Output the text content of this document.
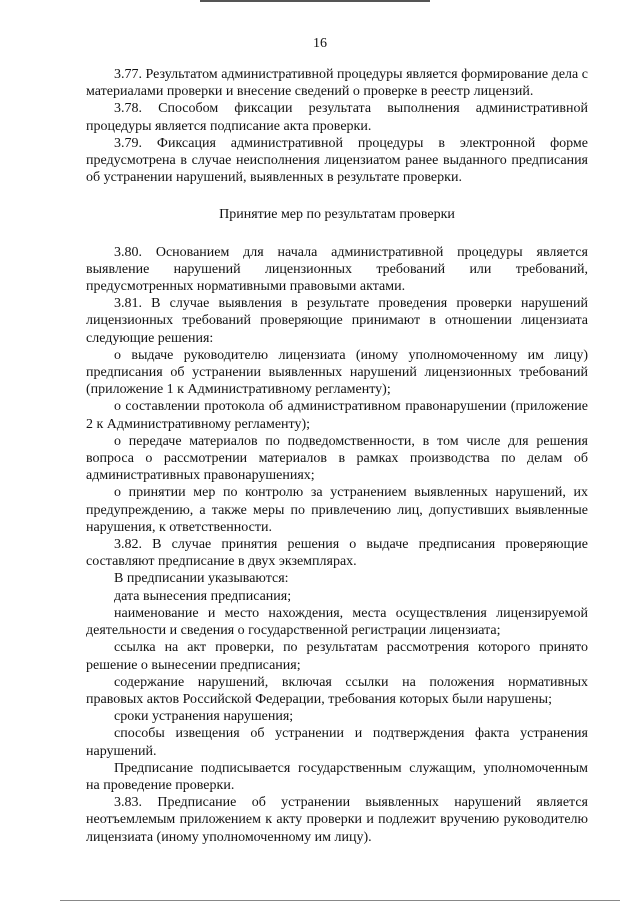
16

3.77. Результатом административной процедуры является формирование дела с материалами проверки и внесение сведений о проверке в реестр лицензий.

3.78. Способом фиксации результата выполнения административной процедуры является подписание акта проверки.

3.79. Фиксация административной процедуры в электронной форме предусмотрена в случае неисполнения лицензиатом ранее выданного предписания об устранении нарушений, выявленных в результате проверки.

Принятие мер по результатам проверки

3.80. Основанием для начала административной процедуры является выявление нарушений лицензионных требований или требований, предусмотренных нормативными правовыми актами.

3.81. В случае выявления в результате проведения проверки нарушений лицензионных требований проверяющие принимают в отношении лицензиата следующие решения:

о выдаче руководителю лицензиата (иному уполномоченному им лицу) предписания об устранении выявленных нарушений лицензионных требований (приложение 1 к Административному регламенту);

о составлении протокола об административном правонарушении (приложение 2 к Административному регламенту);

о передаче материалов по подведомственности, в том числе для решения вопроса о рассмотрении материалов в рамках производства по делам об административных правонарушениях;

о принятии мер по контролю за устранением выявленных нарушений, их предупреждению, а также меры по привлечению лиц, допустивших выявленные нарушения, к ответственности.

3.82. В случае принятия решения о выдаче предписания проверяющие составляют предписание в двух экземплярах.

В предписании указываются:

дата вынесения предписания;

наименование и место нахождения, места осуществления лицензируемой деятельности и сведения о государственной регистрации лицензиата;

ссылка на акт проверки, по результатам рассмотрения которого принято решение о вынесении предписания;

содержание нарушений, включая ссылки на положения нормативных правовых актов Российской Федерации, требования которых были нарушены;

сроки устранения нарушения;

способы извещения об устранении и подтверждения факта устранения нарушений.

Предписание подписывается государственным служащим, уполномоченным на проведение проверки.

3.83. Предписание об устранении выявленных нарушений является неотъемлемым приложением к акту проверки и подлежит вручению руководителю лицензиата (иному уполномоченному им лицу).
